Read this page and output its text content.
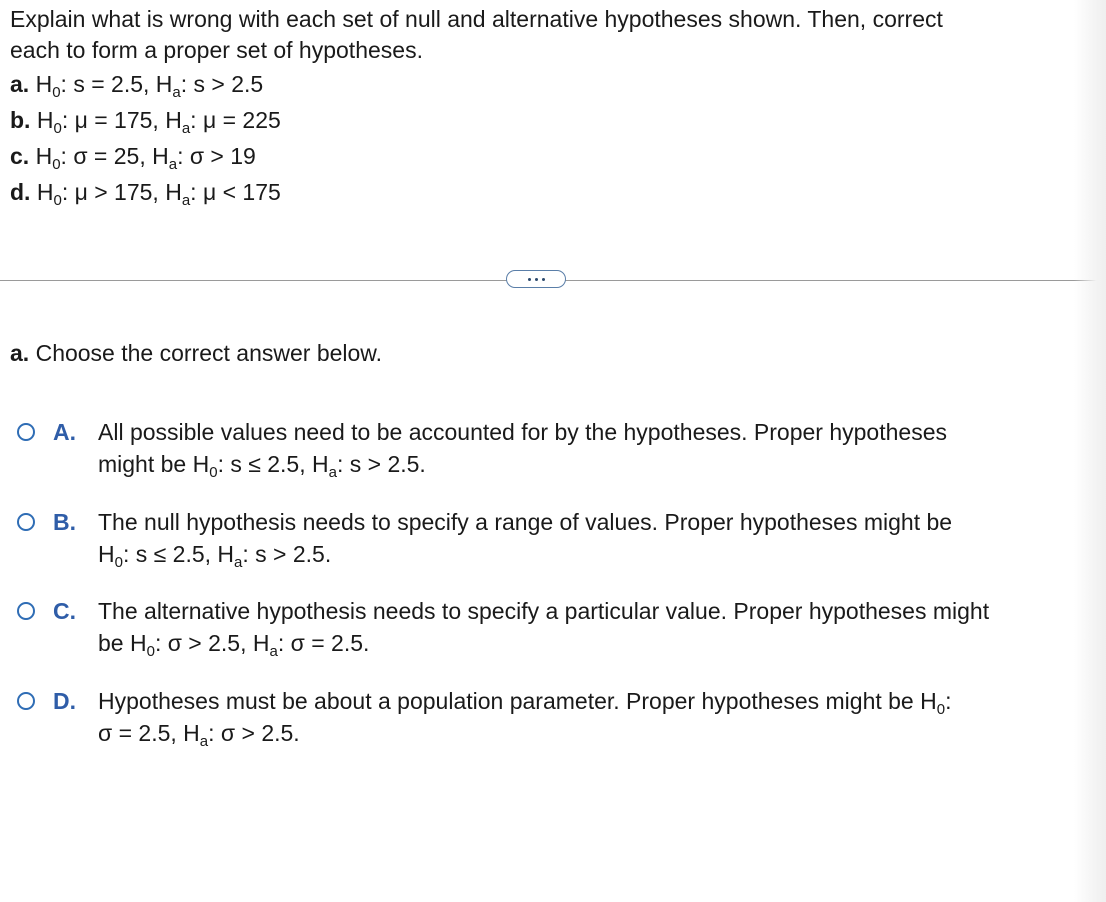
Explain what is wrong with each set of null and alternative hypotheses shown. Then, correct
each to form a proper set of hypotheses.

a. $H_0$: s = 2.5, $H_a$: s > 2.5

b. $H_0$: μ = 175, $H_a$: μ = 225

c. $H_0$: σ = 25, $H_a$: σ > 19

d. $H_0$: μ > 175, $H_a$: μ < 175

a. Choose the correct answer below.
A. All possible values need to be accounted for by the hypotheses. Proper hypotheses
might be $H_0$: s ≤ 2.5, $H_a$: s > 2.5.
B. The null hypothesis needs to specify a range of values. Proper hypotheses might be
$H_0$: s ≤ 2.5, $H_a$: s > 2.5.
C. The alternative hypothesis needs to specify a particular value. Proper hypotheses might
be $H_0$: σ > 2.5, $H_a$: σ = 2.5.
D. Hypotheses must be about a population parameter. Proper hypotheses might be $H_0$:
σ = 2.5, $H_a$: σ > 2.5.
